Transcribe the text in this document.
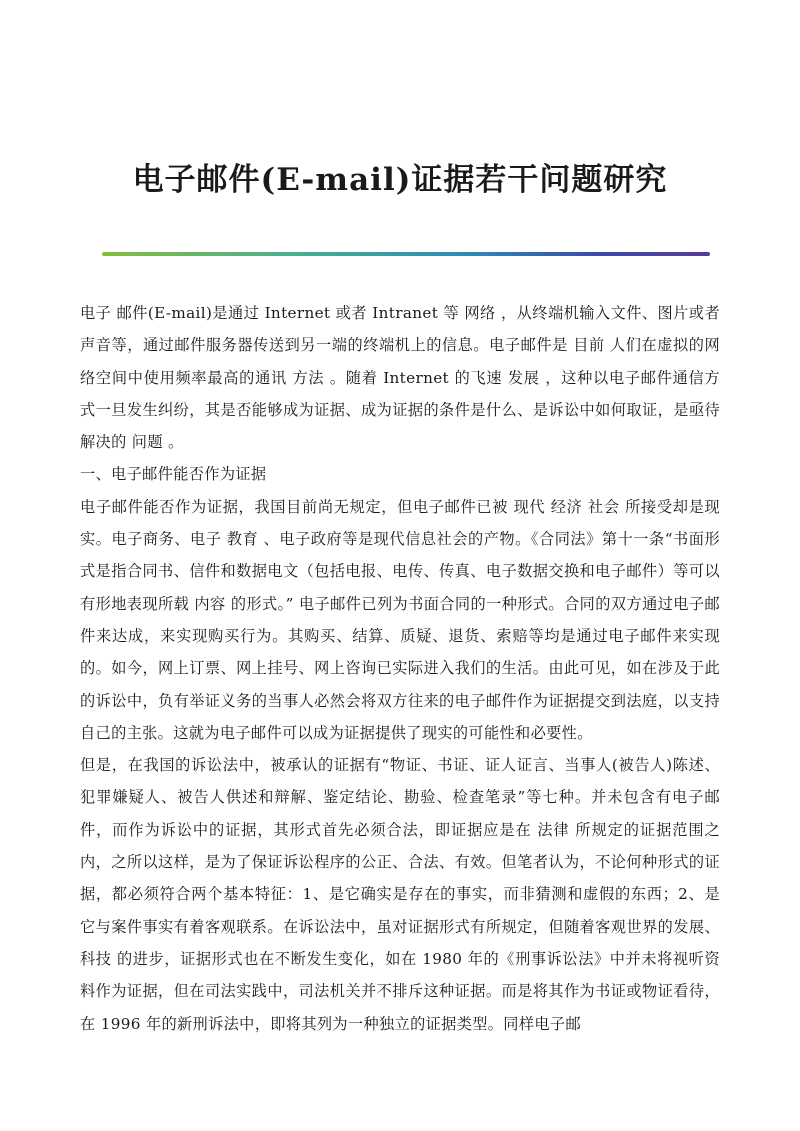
电子邮件(E-mail)证据若干问题研究

电子 邮件(E-mail)是通过 Internet 或者 Intranet 等 网络 ，从终端机输入文件、图片或者声音等，通过邮件服务器传送到另一端的终端机上的信息。电子邮件是 目前 人们在虚拟的网络空间中使用频率最高的通讯 方法 。随着 Internet 的飞速 发展 ，这种以电子邮件通信方式一旦发生纠纷，其是否能够成为证据、成为证据的条件是什么、是诉讼中如何取证，是亟待解决的 问题 。

一、电子邮件能否作为证据

电子邮件能否作为证据，我国目前尚无规定，但电子邮件已被 现代 经济 社会 所接受却是现实。电子商务、电子 教育 、电子政府等是现代信息社会的产物。《合同法》第十一条“书面形式是指合同书、信件和数据电文（包括电报、电传、传真、电子数据交换和电子邮件）等可以有形地表现所载 内容 的形式。” 电子邮件已列为书面合同的一种形式。合同的双方通过电子邮件来达成，来实现购买行为。其购买、结算、质疑、退货、索赔等均是通过电子邮件来实现的。如今，网上订票、网上挂号、网上咨询已实际进入我们的生活。由此可见，如在涉及于此的诉讼中，负有举证义务的当事人必然会将双方往来的电子邮件作为证据提交到法庭，以支持自己的主张。这就为电子邮件可以成为证据提供了现实的可能性和必要性。

但是，在我国的诉讼法中，被承认的证据有“物证、书证、证人证言、当事人(被告人)陈述、犯罪嫌疑人、被告人供述和辩解、鉴定结论、勘验、检查笔录”等七种。并未包含有电子邮件，而作为诉讼中的证据，其形式首先必须合法，即证据应是在 法律 所规定的证据范围之内，之所以这样，是为了保证诉讼程序的公正、合法、有效。但笔者认为，不论何种形式的证据，都必须符合两个基本特征：1、是它确实是存在的事实，而非猜测和虚假的东西；2、是它与案件事实有着客观联系。在诉讼法中，虽对证据形式有所规定，但随着客观世界的发展、 科技 的进步，证据形式也在不断发生变化，如在 1980 年的《刑事诉讼法》中并未将视听资料作为证据，但在司法实践中，司法机关并不排斥这种证据。而是将其作为书证或物证看待，在 1996 年的新刑诉法中，即将其列为一种独立的证据类型。同样电子邮
